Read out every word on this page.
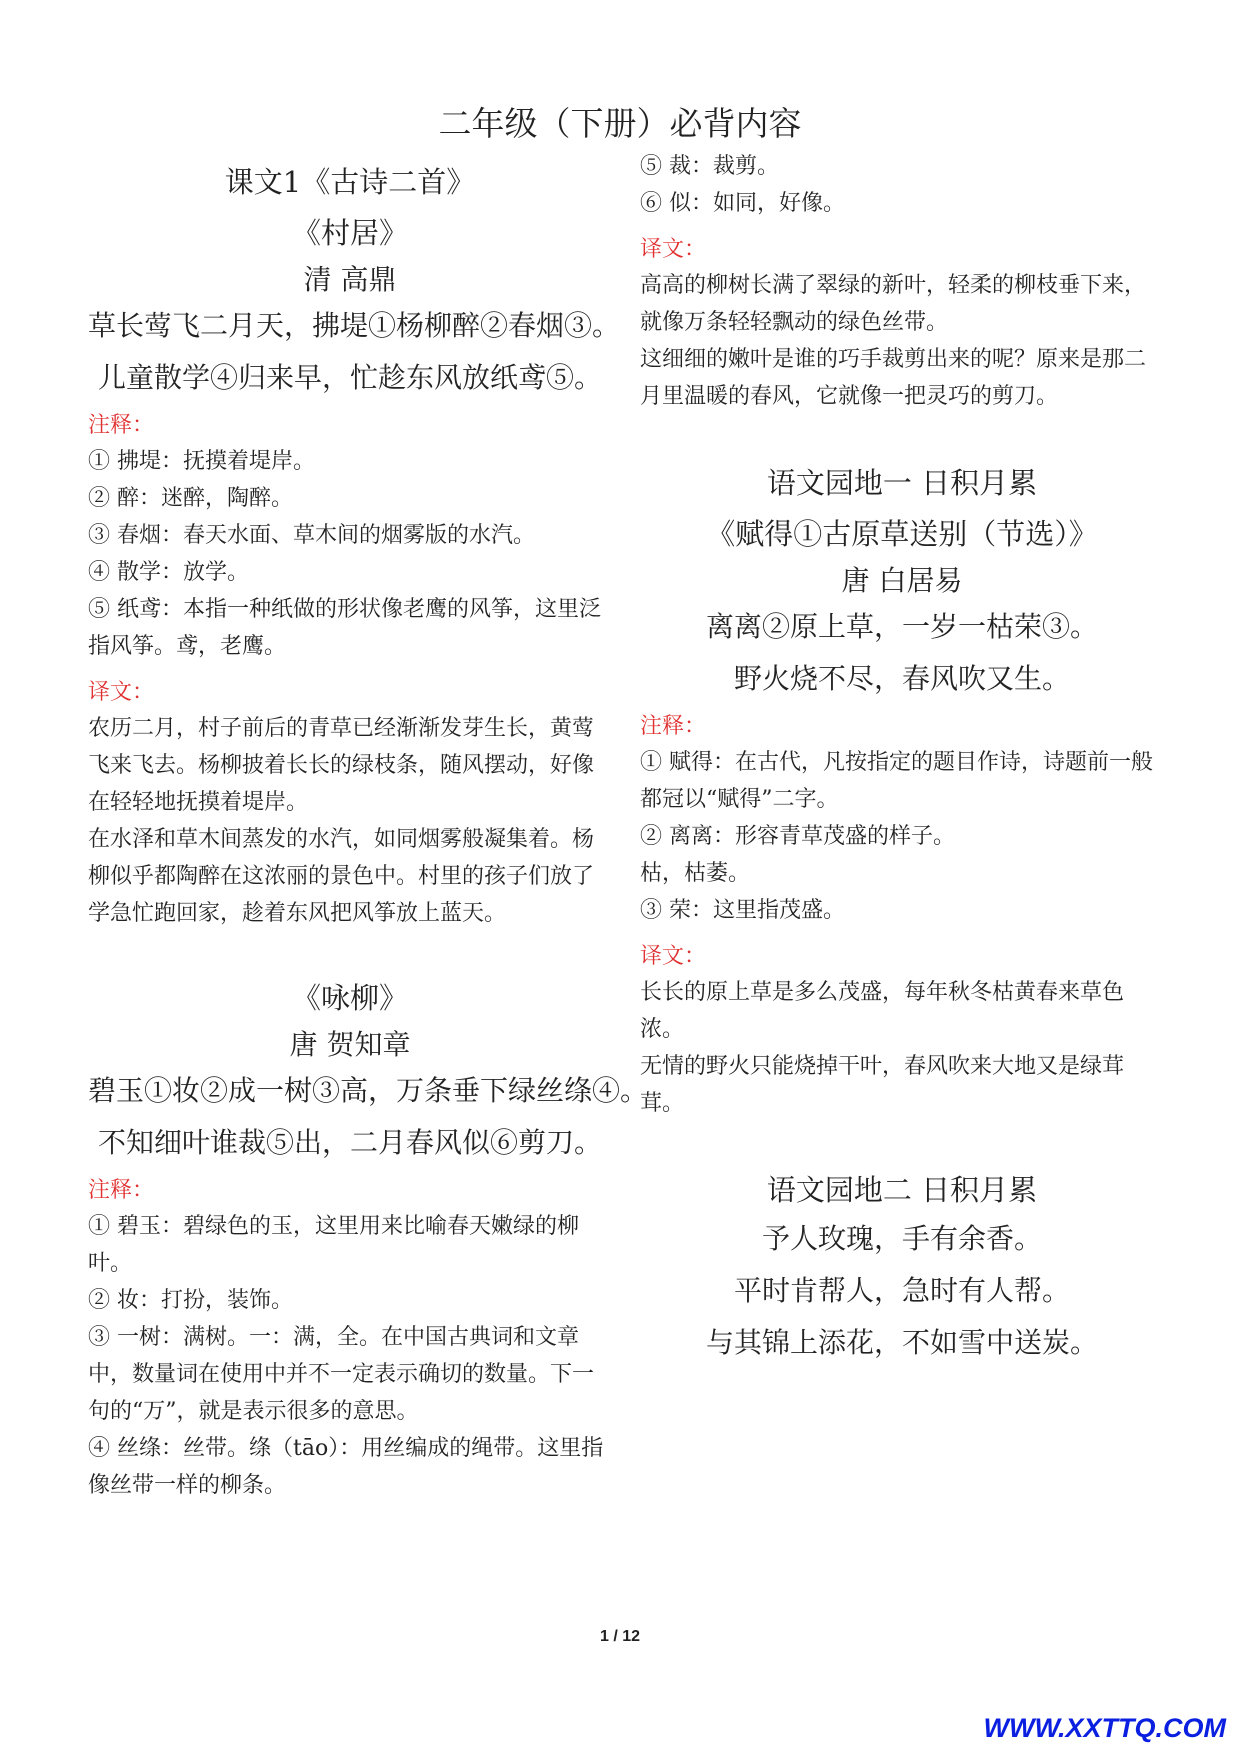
二年级（下册）必背内容
课文1《古诗二首》
《村居》
清 高鼎
草长莺飞二月天，拂堤①杨柳醉②春烟③。
儿童散学④归来早，忙趁东风放纸鸢⑤。
注释：

① 拂堤：抚摸着堤岸。

② 醉：迷醉，陶醉。

③ 春烟：春天水面、草木间的烟雾版的水汽。

④ 散学：放学。

⑤ 纸鸢：本指一种纸做的形状像老鹰的风筝，这里泛指风筝。鸢，老鹰。

译文：

农历二月，村子前后的青草已经渐渐发芽生长，黄莺飞来飞去。杨柳披着长长的绿枝条，随风摆动，好像在轻轻地抚摸着堤岸。

在水泽和草木间蒸发的水汽，如同烟雾般凝集着。杨柳似乎都陶醉在这浓丽的景色中。村里的孩子们放了学急忙跑回家，趁着东风把风筝放上蓝天。

《咏柳》
唐 贺知章
碧玉①妆②成一树③高，万条垂下绿丝绦④。
不知细叶谁裁⑤出，二月春风似⑥剪刀。
注释：

① 碧玉：碧绿色的玉，这里用来比喻春天嫩绿的柳叶。

② 妆：打扮，装饰。

③ 一树：满树。一：满，全。在中国古典词和文章中，数量词在使用中并不一定表示确切的数量。下一句的“万”，就是表示很多的意思。

④ 丝绦：丝带。绦（tāo）：用丝编成的绳带。这里指像丝带一样的柳条。

⑤ 裁：裁剪。

⑥ 似：如同，好像。

译文：

高高的柳树长满了翠绿的新叶，轻柔的柳枝垂下来，就像万条轻轻飘动的绿色丝带。

这细细的嫩叶是谁的巧手裁剪出来的呢？原来是那二月里温暖的春风，它就像一把灵巧的剪刀。

语文园地一 日积月累
《赋得①古原草送别（节选）》
唐 白居易
离离②原上草，一岁一枯荣③。
野火烧不尽，春风吹又生。
注释：

① 赋得：在古代，凡按指定的题目作诗，诗题前一般都冠以“赋得”二字。

② 离离：形容青草茂盛的样子。

枯，枯萎。

③ 荣：这里指茂盛。

译文：

长长的原上草是多么茂盛，每年秋冬枯黄春来草色浓。

无情的野火只能烧掉干叶，春风吹来大地又是绿茸茸。

语文园地二 日积月累
予人玫瑰，手有余香。
平时肯帮人，急时有人帮。
与其锦上添花，不如雪中送炭。
1 / 12
WWW.XXTTQ.COM
